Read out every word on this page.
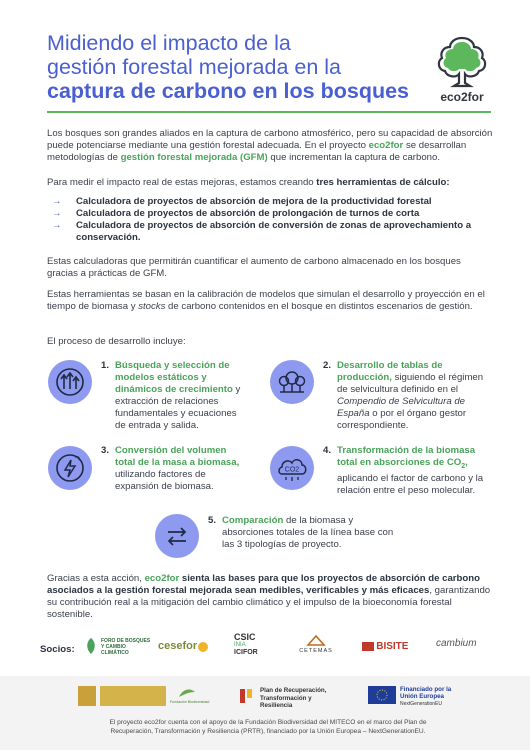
Midiendo el impacto de la
gestión forestal mejorada en la
captura de carbono en los bosques	eco2for
Los bosques son grandes aliados en la captura de carbono atmosférico, pero su capacidad de absorción puede potenciarse mediante una gestión forestal adecuada. En el proyecto eco2for se desarrollan metodologías de gestión forestal mejorada (GFM) que incrementan la captura de carbono.
Para medir el impacto real de estas mejoras, estamos creando tres herramientas de cálculo:
→	Calculadora de proyectos de absorción de mejora de la productividad forestal
→	Calculadora de proyectos de absorción de prolongación de turnos de corta
→	Calculadora de proyectos de absorción de conversión de zonas de aprovechamiento a conservación.
Estas calculadoras que permitirán cuantificar el aumento de carbono almacenado en los bosques gracias a prácticas de GFM.
Estas herramientas se basan en la calibración de modelos que simulan el desarrollo y proyección en el tiempo de biomasa y stocks de carbono contenidos en el bosque en distintos escenarios de gestión.
El proceso de desarrollo incluye:
1. Búsqueda y selección de modelos estáticos y dinámicos de crecimiento y extracción de relaciones fundamentales y ecuaciones de entrada y salida.
2. Desarrollo de tablas de producción, siguiendo el régimen de selvicultura definido en el Compendio de Selvicultura de España o por el órgano gestor correspondiente.
3. Conversión del volumen total de la masa a biomasa, utilizando factores de expansión de biomasa.
CO2
4. Transformación de la biomasa total en absorciones de $CO_2$, aplicando el factor de carbono y la relación entre el peso molecular.
5. Comparación de la biomasa y absorciones totales de la línea base con las 3 tipologías de proyecto.
Gracias a esta acción, eco2for sienta las bases para que los proyectos de absorción de carbono asociados a la gestión forestal mejorada sean medibles, verificables y más eficaces, garantizando su contribución real a la mitigación del cambio climático y el impulso de la bioeconomía forestal sostenible.
Socios:
FORO DE BOSQUES Y CAMBIO CLIMÁTICO
cesefor
CSIC
INIA
ICIFOR	CETEMAS	BISITE	cambium
Fundación Biodiversidad
Plan de Recuperación, Transformación y Resiliencia
Financiado por la Unión Europea
NextGenerationEU
El proyecto eco2for cuenta con el apoyo de la Fundación Biodiversidad del MITECO en el marco del Plan de Recuperación, Transformación y Resiliencia (PRTR), financiado por la Unión Europea – NextGenerationEU.
